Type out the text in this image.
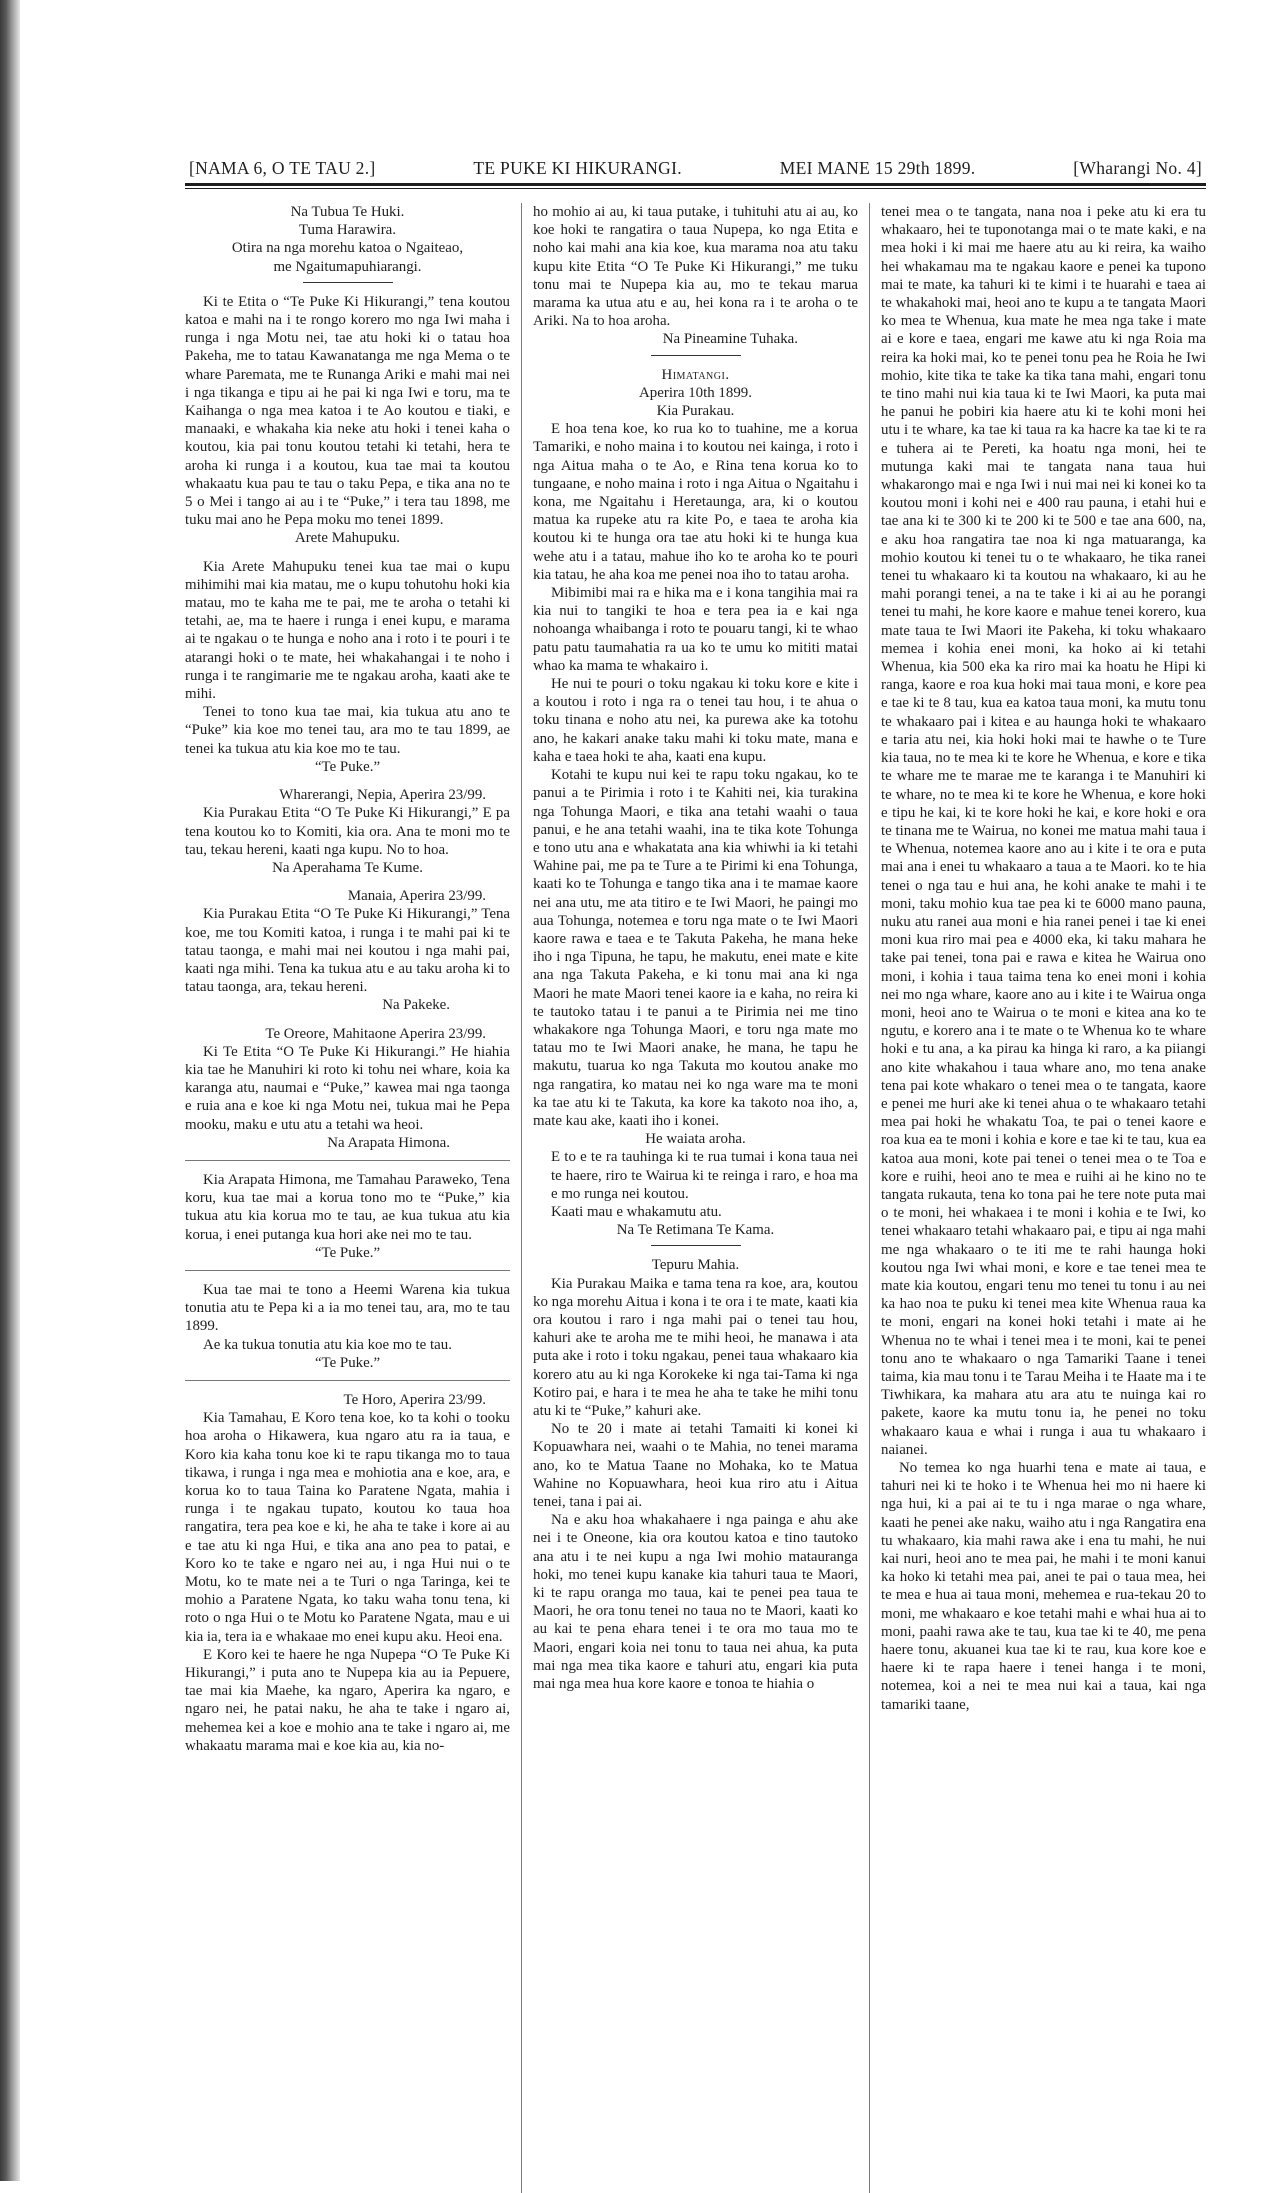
[NAMA 6, O TE TAU 2.]	TE PUKE KI HIKURANGI.	MEI MANE 15 29th 1899.	[Wharangi No. 4]

Na Tubua Te Huki.

Tuma Harawira.

Otira na nga morehu katoa o Ngaiteao,

me Ngaitumapuhiarangi.

Ki te Etita o “Te Puke Ki Hikurangi,” tena koutou katoa e mahi na i te rongo korero mo nga Iwi maha i runga i nga Motu nei, tae atu hoki ki o tatau hoa Pakeha, me to tatau Kawanatanga me nga Mema o te whare Paremata, me te Runanga Ariki e mahi mai nei i nga tikanga e tipu ai he pai ki nga Iwi e toru, ma te Kaihanga o nga mea katoa i te Ao koutou e tiaki, e manaaki, e whakaha kia neke atu hoki i tenei kaha o koutou, kia pai tonu koutou tetahi ki tetahi, hera te aroha ki runga i a koutou, kua tae mai ta koutou whakaatu kua pau te tau o taku Pepa, e tika ana no te 5 o Mei i tango ai au i te “Puke,” i tera tau 1898, me tuku mai ano he Pepa moku mo tenei 1899.

Arete Mahupuku.

Kia Arete Mahupuku tenei kua tae mai o kupu mihimihi mai kia matau, me o kupu tohutohu hoki kia matau, mo te kaha me te pai, me te aroha o tetahi ki tetahi, ae, ma te haere i runga i enei kupu, e marama ai te ngakau o te hunga e noho ana i roto i te pouri i te atarangi hoki o te mate, hei whakahangai i te noho i runga i te rangimarie me te ngakau aroha, kaati ake te mihi.

Tenei to tono kua tae mai, kia tukua atu ano te “Puke” kia koe mo tenei tau, ara mo te tau 1899, ae tenei ka tukua atu kia koe mo te tau.

“Te Puke.”

Wharerangi, Nepia, Aperira 23/99.

Kia Purakau Etita “O Te Puke Ki Hikurangi,” E pa tena koutou ko to Komiti, kia ora. Ana te moni mo te tau, tekau hereni, kaati nga kupu. No to hoa.

Na Aperahama Te Kume.

Manaia, Aperira 23/99.

Kia Purakau Etita “O Te Puke Ki Hikurangi,” Tena koe, me tou Komiti katoa, i runga i te mahi pai ki te tatau taonga, e mahi mai nei koutou i nga mahi pai, kaati nga mihi. Tena ka tukua atu e au taku aroha ki to tatau taonga, ara, tekau hereni.

Na Pakeke.

Te Oreore, Mahitaone Aperira 23/99.

Ki Te Etita “O Te Puke Ki Hikurangi.” He hiahia kia tae he Manuhiri ki roto ki tohu nei whare, koia ka karanga atu, naumai e “Puke,” kawea mai nga taonga e ruia ana e koe ki nga Motu nei, tukua mai he Pepa mooku, maku e utu atu a tetahi wa heoi.

Na Arapata Himona.

Kia Arapata Himona, me Tamahau Paraweko, Tena koru, kua tae mai a korua tono mo te “Puke,” kia tukua atu kia korua mo te tau, ae kua tukua atu kia korua, i enei putanga kua hori ake nei mo te tau.

“Te Puke.”

Kua tae mai te tono a Heemi Warena kia tukua tonutia atu te Pepa ki a ia mo tenei tau, ara, mo te tau 1899.

Ae ka tukua tonutia atu kia koe mo te tau.

“Te Puke.”

Te Horo, Aperira 23/99.

Kia Tamahau, E Koro tena koe, ko ta kohi o tooku hoa aroha o Hikawera, kua ngaro atu ra ia taua, e Koro kia kaha tonu koe ki te rapu tikanga mo to taua tikawa, i runga i nga mea e mohiotia ana e koe, ara, e korua ko to taua Taina ko Paratene Ngata, mahia i runga i te ngakau tupato, koutou ko taua hoa rangatira, tera pea koe e ki, he aha te take i kore ai au e tae atu ki nga Hui, e tika ana ano pea to patai, e Koro ko te take e ngaro nei au, i nga Hui nui o te Motu, ko te mate nei a te Turi o nga Taringa, kei te mohio a Paratene Ngata, ko taku waha tonu tena, ki roto o nga Hui o te Motu ko Paratene Ngata, mau e ui kia ia, tera ia e whakaae mo enei kupu aku. Heoi ena.

E Koro kei te haere he nga Nupepa “O Te Puke Ki Hikurangi,” i puta ano te Nupepa kia au ia Pepuere, tae mai kia Maehe, ka ngaro, Aperira ka ngaro, e ngaro nei, he patai naku, he aha te take i ngaro ai, mehemea kei a koe e mohio ana te take i ngaro ai, me whakaatu marama mai e koe kia au, kia no-

ho mohio ai au, ki taua putake, i tuhituhi atu ai au, ko koe hoki te rangatira o taua Nupepa, ko nga Etita e noho kai mahi ana kia koe, kua marama noa atu taku kupu kite Etita “O Te Puke Ki Hikurangi,” me tuku tonu mai te Nupepa kia au, mo te tekau marua marama ka utua atu e au, hei kona ra i te aroha o te Ariki. Na to hoa aroha.

Na Pineamine Tuhaka.

Himatangi.

Aperira 10th 1899.

Kia Purakau.

E hoa tena koe, ko rua ko to tuahine, me a korua Tamariki, e noho maina i to koutou nei kainga, i roto i nga Aitua maha o te Ao, e Rina tena korua ko to tungaane, e noho maina i roto i nga Aitua o Ngaitahu i kona, me Ngaitahu i Heretaunga, ara, ki o koutou matua ka rupeke atu ra kite Po, e taea te aroha kia koutou ki te hunga ora tae atu hoki ki te hunga kua wehe atu i a tatau, mahue iho ko te aroha ko te pouri kia tatau, he aha koa me penei noa iho to tatau aroha.

Mibimibi mai ra e hika ma e i kona tangihia mai ra kia nui to tangiki te hoa e tera pea ia e kai nga nohoanga whaibanga i roto te pouaru tangi, ki te whao patu patu taumahatia ra ua ko te umu ko mititi matai whao ka mama te whakairo i.

He nui te pouri o toku ngakau ki toku kore e kite i a koutou i roto i nga ra o tenei tau hou, i te ahua o toku tinana e noho atu nei, ka purewa ake ka totohu ano, he kakari anake taku mahi ki toku mate, mana e kaha e taea hoki te aha, kaati ena kupu.

Kotahi te kupu nui kei te rapu toku ngakau, ko te panui a te Pirimia i roto i te Kahiti nei, kia turakina nga Tohunga Maori, e tika ana tetahi waahi o taua panui, e he ana tetahi waahi, ina te tika kote Tohunga e tono utu ana e whakatata ana kia whiwhi ia ki tetahi Wahine pai, me pa te Ture a te Pirimi ki ena Tohunga, kaati ko te Tohunga e tango tika ana i te mamae kaore nei ana utu, me ata titiro e te Iwi Maori, he paingi mo aua Tohunga, notemea e toru nga mate o te Iwi Maori kaore rawa e taea e te Takuta Pakeha, he mana heke iho i nga Tipuna, he tapu, he makutu, enei mate e kite ana nga Takuta Pakeha, e ki tonu mai ana ki nga Maori he mate Maori tenei kaore ia e kaha, no reira ki te tautoko tatau i te panui a te Pirimia nei me tino whakakore nga Tohunga Maori, e toru nga mate mo tatau mo te Iwi Maori anake, he mana, he tapu he makutu, tuarua ko nga Takuta mo koutou anake mo nga rangatira, ko matau nei ko nga ware ma te moni ka tae atu ki te Takuta, ka kore ka takoto noa iho, a, mate kau ake, kaati iho i konei.

He waiata aroha.

E to e te ra tauhinga ki te rua tumai i kona taua nei te haere, riro te Wairua ki te reinga i raro, e hoa ma e mo runga nei koutou.

Kaati mau e whakamutu atu.

Na Te Retimana Te Kama.

Tepuru Mahia.

Kia Purakau Maika e tama tena ra koe, ara, koutou ko nga morehu Aitua i kona i te ora i te mate, kaati kia ora koutou i raro i nga mahi pai o tenei tau hou, kahuri ake te aroha me te mihi heoi, he manawa i ata puta ake i roto i toku ngakau, penei taua whakaaro kia korero atu au ki nga Korokeke ki nga tai-Tama ki nga Kotiro pai, e hara i te mea he aha te take he mihi tonu atu ki te “Puke,” kahuri ake.

No te 20 i mate ai tetahi Tamaiti ki konei ki Kopuawhara nei, waahi o te Mahia, no tenei marama ano, ko te Matua Taane no Mohaka, ko te Matua Wahine no Kopuawhara, heoi kua riro atu i Aitua tenei, tana i pai ai.

Na e aku hoa whakahaere i nga painga e ahu ake nei i te Oneone, kia ora koutou katoa e tino tautoko ana atu i te nei kupu a nga Iwi mohio matauranga hoki, mo tenei kupu kanake kia tahuri taua te Maori, ki te rapu oranga mo taua, kai te penei pea taua te Maori, he ora tonu tenei no taua no te Maori, kaati ko au kai te pena ehara tenei i te ora mo taua mo te Maori, engari koia nei tonu to taua nei ahua, ka puta mai nga mea tika kaore e tahuri atu, engari kia puta mai nga mea hua kore kaore e tonoa te hiahia o

tenei mea o te tangata, nana noa i peke atu ki era tu whakaaro, hei te tuponotanga mai o te mate kaki, e na mea hoki i ki mai me haere atu au ki reira, ka waiho hei whakamau ma te ngakau kaore e penei ka tupono mai te mate, ka tahuri ki te kimi i te huarahi e taea ai te whakahoki mai, heoi ano te kupu a te tangata Maori ko mea te Whenua, kua mate he mea nga take i mate ai e kore e taea, engari me kawe atu ki nga Roia ma reira ka hoki mai, ko te penei tonu pea he Roia he Iwi mohio, kite tika te take ka tika tana mahi, engari tonu te tino mahi nui kia taua ki te Iwi Maori, ka puta mai he panui he pobiri kia haere atu ki te kohi moni hei utu i te whare, ka tae ki taua ra ka hacre ka tae ki te ra e tuhera ai te Pereti, ka hoatu nga moni, hei te mutunga kaki mai te tangata nana taua hui whakarongo mai e nga Iwi i nui mai nei ki konei ko ta koutou moni i kohi nei e 400 rau pauna, i etahi hui e tae ana ki te 300 ki te 200 ki te 500 e tae ana 600, na, e aku hoa rangatira tae noa ki nga matuaranga, ka mohio koutou ki tenei tu o te whakaaro, he tika ranei tenei tu whakaaro ki ta koutou na whakaaro, ki au he mahi porangi tenei, a na te take i ki ai au he porangi tenei tu mahi, he kore kaore e mahue tenei korero, kua mate taua te Iwi Maori ite Pakeha, ki toku whakaaro memea i kohia enei moni, ka hoko ai ki tetahi Whenua, kia 500 eka ka riro mai ka hoatu he Hipi ki ranga, kaore e roa kua hoki mai taua moni, e kore pea e tae ki te 8 tau, kua ea katoa taua moni, ka mutu tonu te whakaaro pai i kitea e au haunga hoki te whakaaro e taria atu nei, kia hoki hoki mai te hawhe o te Ture kia taua, no te mea ki te kore he Whenua, e kore e tika te whare me te marae me te karanga i te Manuhiri ki te whare, no te mea ki te kore he Whenua, e kore hoki e tipu he kai, ki te kore hoki he kai, e kore hoki e ora te tinana me te Wairua, no konei me matua mahi taua i te Whenua, notemea kaore ano au i kite i te ora e puta mai ana i enei tu whakaaro a taua a te Maori. ko te hia tenei o nga tau e hui ana, he kohi anake te mahi i te moni, taku mohio kua tae pea ki te 6000 mano pauna, nuku atu ranei aua moni e hia ranei penei i tae ki enei moni kua riro mai pea e 4000 eka, ki taku mahara he take pai tenei, tona pai e rawa e kitea he Wairua ono moni, i kohia i taua taima tena ko enei moni i kohia nei mo nga whare, kaore ano au i kite i te Wairua onga moni, heoi ano te Wairua o te moni e kitea ana ko te ngutu, e korero ana i te mate o te Whenua ko te whare hoki e tu ana, a ka pirau ka hinga ki raro, a ka piiangi ano kite whakahou i taua whare ano, mo tena anake tena pai kote whakaro o tenei mea o te tangata, kaore e penei me huri ake ki tenei ahua o te whakaaro tetahi mea pai hoki he whakatu Toa, te pai o tenei kaore e roa kua ea te moni i kohia e kore e tae ki te tau, kua ea katoa aua moni, kote pai tenei o tenei mea o te Toa e kore e ruihi, heoi ano te mea e ruihi ai he kino no te tangata rukauta, tena ko tona pai he tere note puta mai o te moni, hei whakaea i te moni i kohia e te Iwi, ko tenei whakaaro tetahi whakaaro pai, e tipu ai nga mahi me nga whakaaro o te iti me te rahi haunga hoki koutou nga Iwi whai moni, e kore e tae tenei mea te mate kia koutou, engari tenu mo tenei tu tonu i au nei ka hao noa te puku ki tenei mea kite Whenua raua ka te moni, engari na konei hoki tetahi i mate ai he Whenua no te whai i tenei mea i te moni, kai te penei tonu ano te whakaaro o nga Tamariki Taane i tenei taima, kia mau tonu i te Tarau Meiha i te Haate ma i te Tiwhikara, ka mahara atu ara atu te nuinga kai ro pakete, kaore ka mutu tonu ia, he penei no toku whakaaro kaua e whai i runga i aua tu whakaaro i naianei.

No temea ko nga huarhi tena e mate ai taua, e tahuri nei ki te hoko i te Whenua hei mo ni haere ki nga hui, ki a pai ai te tu i nga marae o nga whare, kaati he penei ake naku, waiho atu i nga Rangatira ena tu whakaaro, kia mahi rawa ake i ena tu mahi, he nui kai nuri, heoi ano te mea pai, he mahi i te moni kanui ka hoko ki tetahi mea pai, anei te pai o taua mea, hei te mea e hua ai taua moni, mehemea e rua-tekau 20 to moni, me whakaaro e koe tetahi mahi e whai hua ai to moni, paahi rawa ake te tau, kua tae ki te 40, me pena haere tonu, akuanei kua tae ki te rau, kua kore koe e haere ki te rapa haere i tenei hanga i te moni, notemea, koi a nei te mea nui kai a taua, kai nga tamariki taane,
